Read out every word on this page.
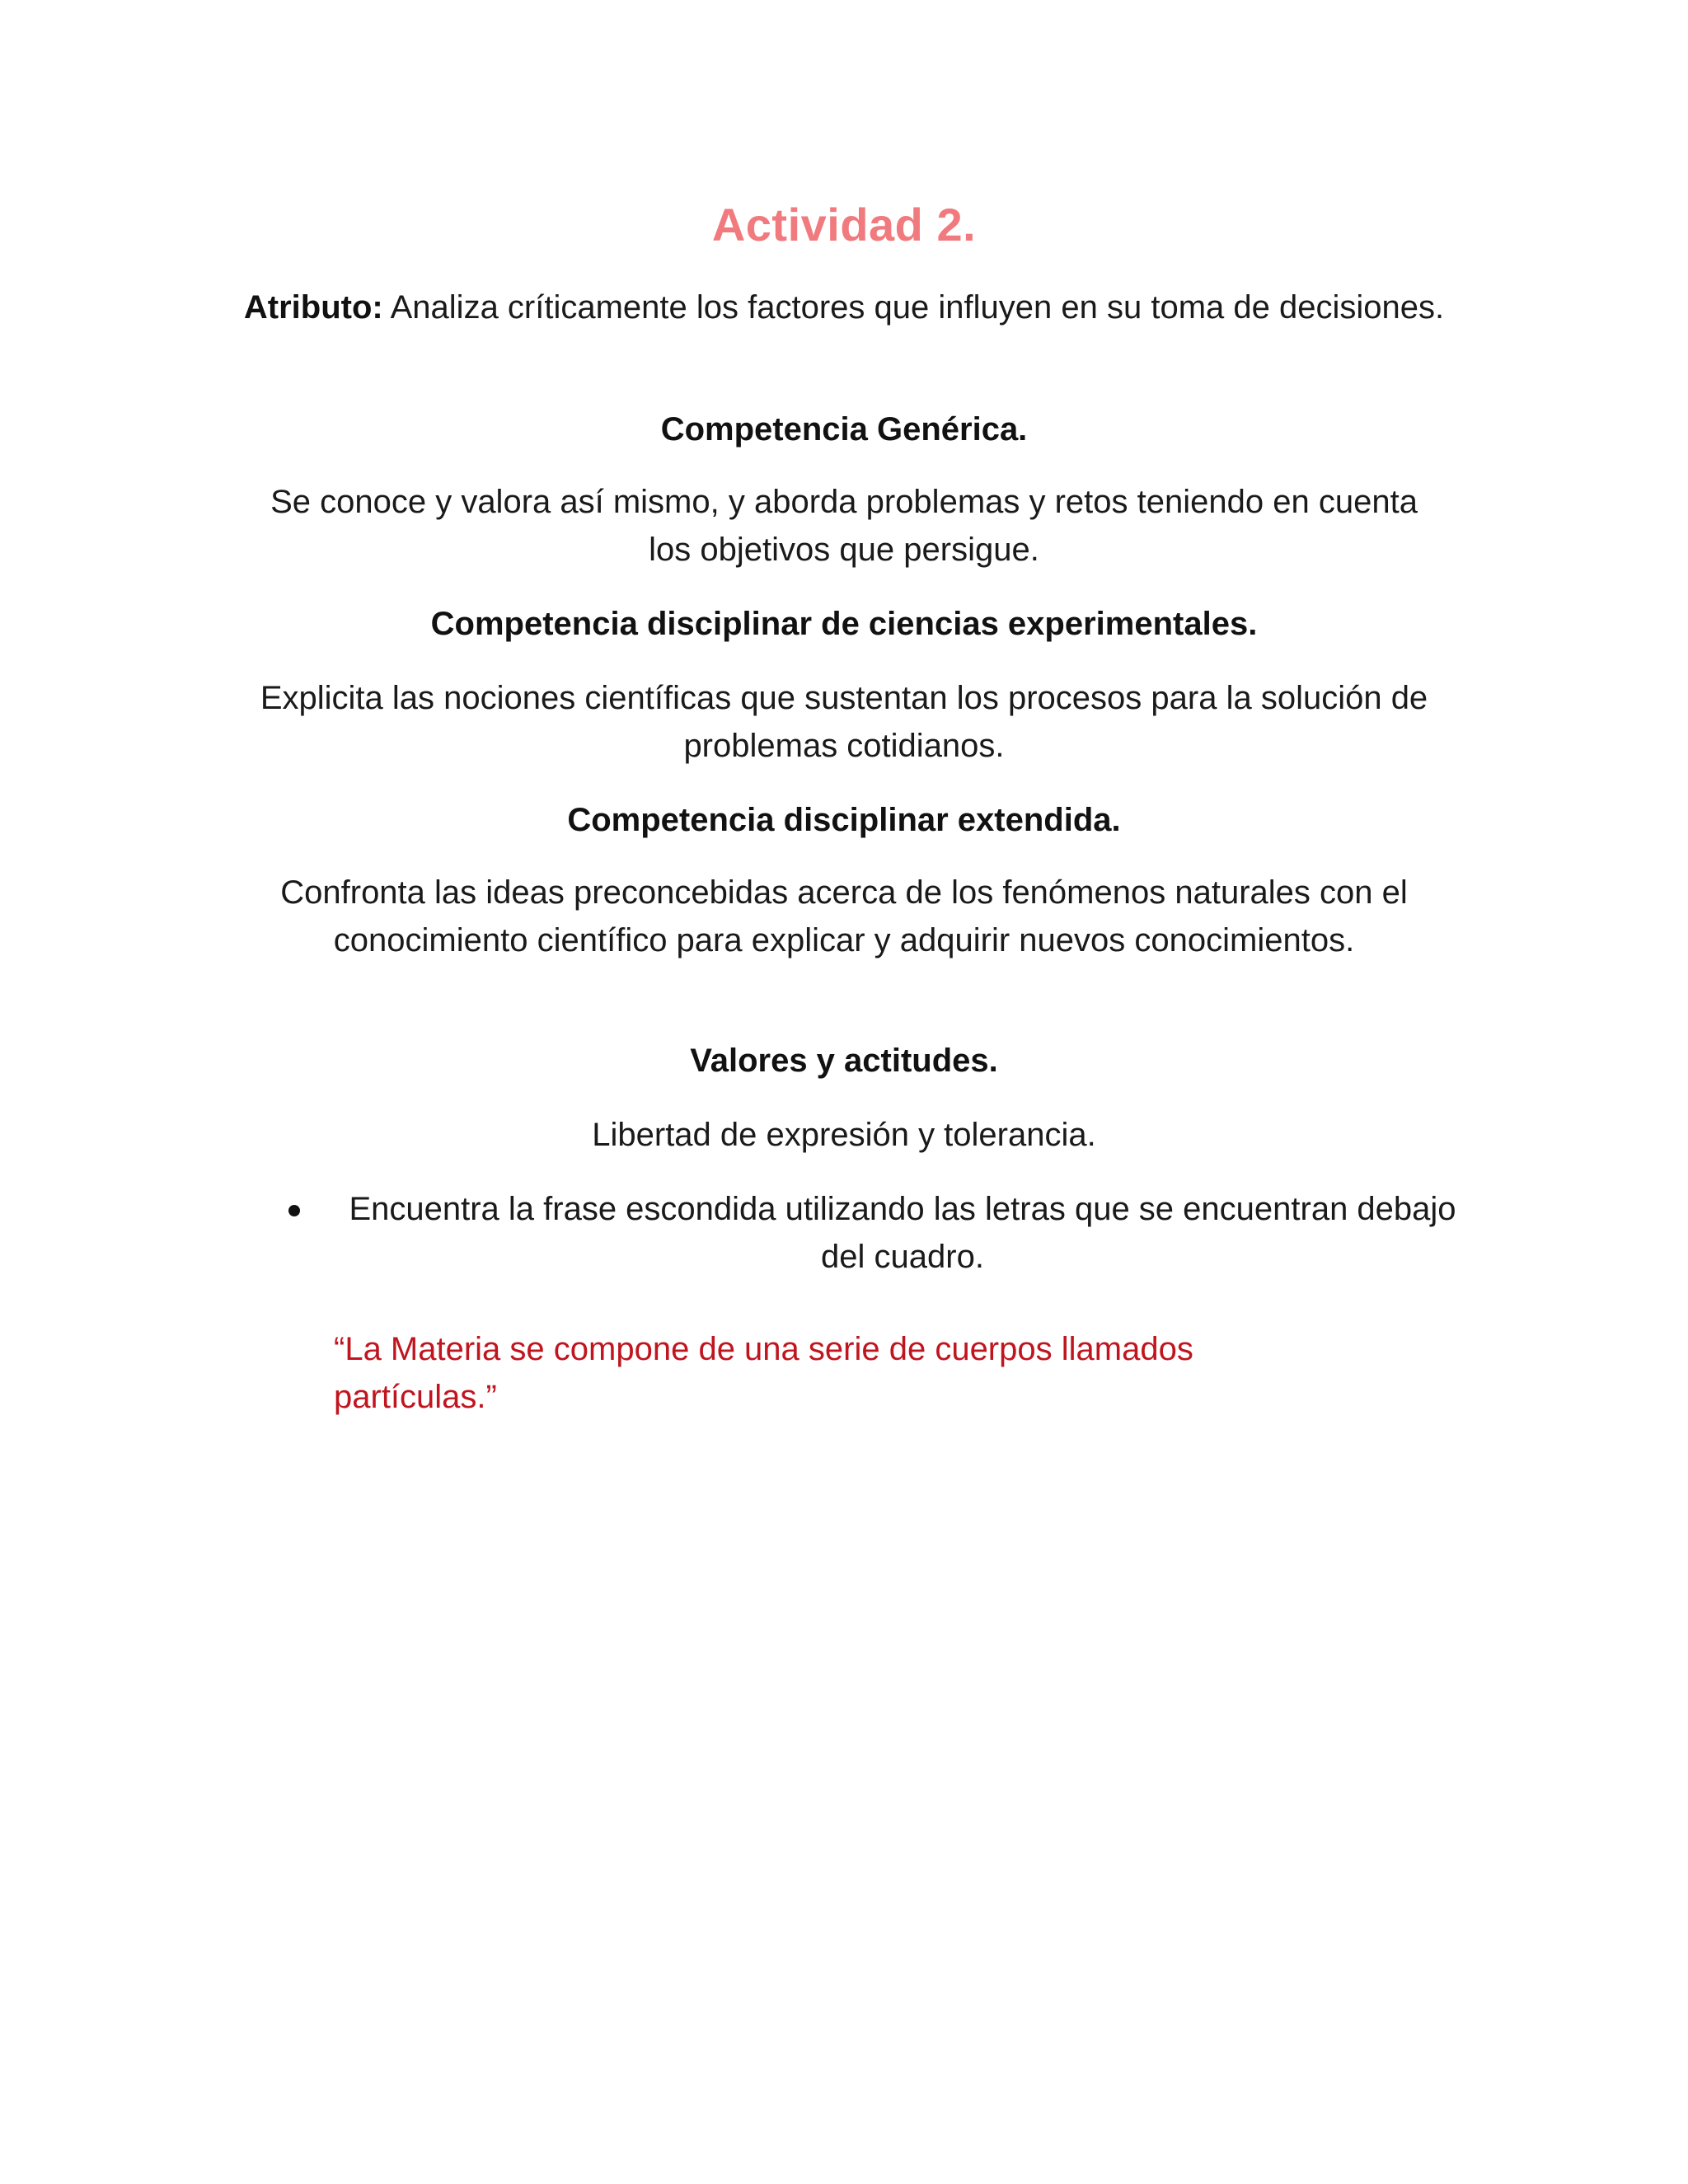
Actividad 2.
Atributo: Analiza críticamente los factores que influyen en su toma de decisiones.
Competencia Genérica.
Se conoce y valora así mismo, y aborda problemas y retos teniendo en cuenta los objetivos que persigue.
Competencia disciplinar de ciencias experimentales.
Explicita las nociones científicas que sustentan los procesos para la solución de problemas cotidianos.
Competencia disciplinar extendida.
Confronta las ideas preconcebidas acerca de los fenómenos naturales con el conocimiento científico para explicar y adquirir nuevos conocimientos.
Valores y actitudes.
Libertad de expresión y tolerancia.
Encuentra la frase escondida utilizando las letras que se encuentran debajo del cuadro.
“La Materia se compone de una serie de cuerpos llamados partículas.”
